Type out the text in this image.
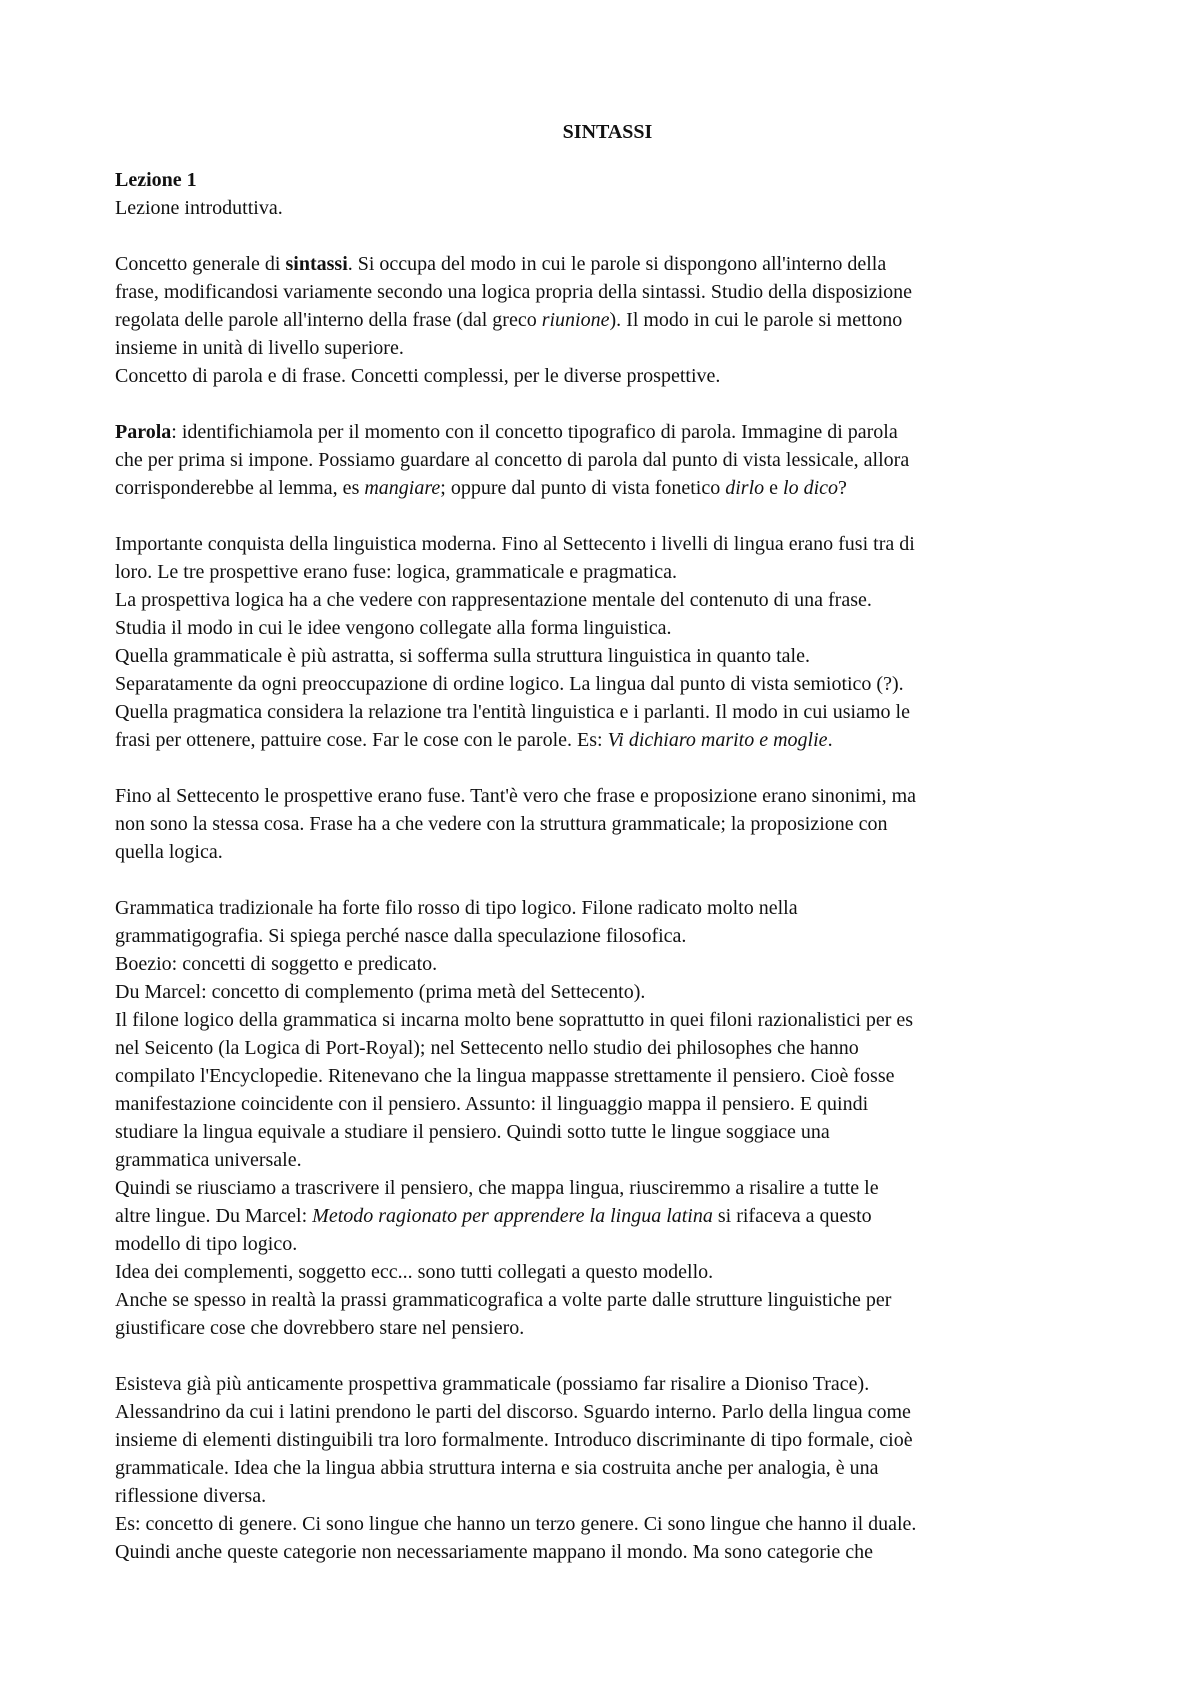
SINTASSI
Lezione 1
Lezione introduttiva.
Concetto generale di sintassi. Si occupa del modo in cui le parole si dispongono all'interno della
frase, modificandosi variamente secondo una logica propria della sintassi. Studio della disposizione
regolata delle parole all'interno della frase (dal greco riunione). Il modo in cui le parole si mettono
insieme in unità di livello superiore.
Concetto di parola e di frase. Concetti complessi, per le diverse prospettive.
Parola: identifichiamola per il momento con il concetto tipografico di parola. Immagine di parola
che per prima si impone. Possiamo guardare al concetto di parola dal punto di vista lessicale, allora
corrisponderebbe al lemma, es mangiare; oppure dal punto di vista fonetico dirlo e lo dico?
Importante conquista della linguistica moderna. Fino al Settecento i livelli di lingua erano fusi tra di
loro. Le tre prospettive erano fuse: logica, grammaticale e pragmatica.
La prospettiva logica ha a che vedere con rappresentazione mentale del contenuto di una frase.
Studia il modo in cui le idee vengono collegate alla forma linguistica.
Quella grammaticale è più astratta, si sofferma sulla struttura linguistica in quanto tale.
Separatamente da ogni preoccupazione di ordine logico. La lingua dal punto di vista semiotico (?).
Quella pragmatica considera la relazione tra l'entità linguistica e i parlanti. Il modo in cui usiamo le
frasi per ottenere, pattuire cose. Far le cose con le parole. Es: Vi dichiaro marito e moglie.
Fino al Settecento le prospettive erano fuse. Tant'è vero che frase e proposizione erano sinonimi, ma
non sono la stessa cosa. Frase ha a che vedere con la struttura grammaticale; la proposizione con
quella logica.
Grammatica tradizionale ha forte filo rosso di tipo logico. Filone radicato molto nella
grammatigografia. Si spiega perché nasce dalla speculazione filosofica.
Boezio: concetti di soggetto e predicato.
Du Marcel: concetto di complemento (prima metà del Settecento).
Il filone logico della grammatica si incarna molto bene soprattutto in quei filoni razionalistici per es
nel Seicento (la Logica di Port-Royal); nel Settecento nello studio dei philosophes che hanno
compilato l'Encyclopedie. Ritenevano che la lingua mappasse strettamente il pensiero. Cioè fosse
manifestazione coincidente con il pensiero. Assunto: il linguaggio mappa il pensiero. E quindi
studiare la lingua equivale a studiare il pensiero. Quindi sotto tutte le lingue soggiace una
grammatica universale.
Quindi se riusciamo a trascrivere il pensiero, che mappa lingua, riusciremmo a risalire a tutte le
altre lingue. Du Marcel: Metodo ragionato per apprendere la lingua latina si rifaceva a questo
modello di tipo logico.
Idea dei complementi, soggetto ecc... sono tutti collegati a questo modello.
Anche se spesso in realtà la prassi grammaticografica a volte parte dalle strutture linguistiche per
giustificare cose che dovrebbero stare nel pensiero.
Esisteva già più anticamente prospettiva grammaticale (possiamo far risalire a Dioniso Trace).
Alessandrino da cui i latini prendono le parti del discorso. Sguardo interno. Parlo della lingua come
insieme di elementi distinguibili tra loro formalmente. Introduco discriminante di tipo formale, cioè
grammaticale. Idea che la lingua abbia struttura interna e sia costruita anche per analogia, è una
riflessione diversa.
Es: concetto di genere. Ci sono lingue che hanno un terzo genere. Ci sono lingue che hanno il duale.
Quindi anche queste categorie non necessariamente mappano il mondo. Ma sono categorie che
